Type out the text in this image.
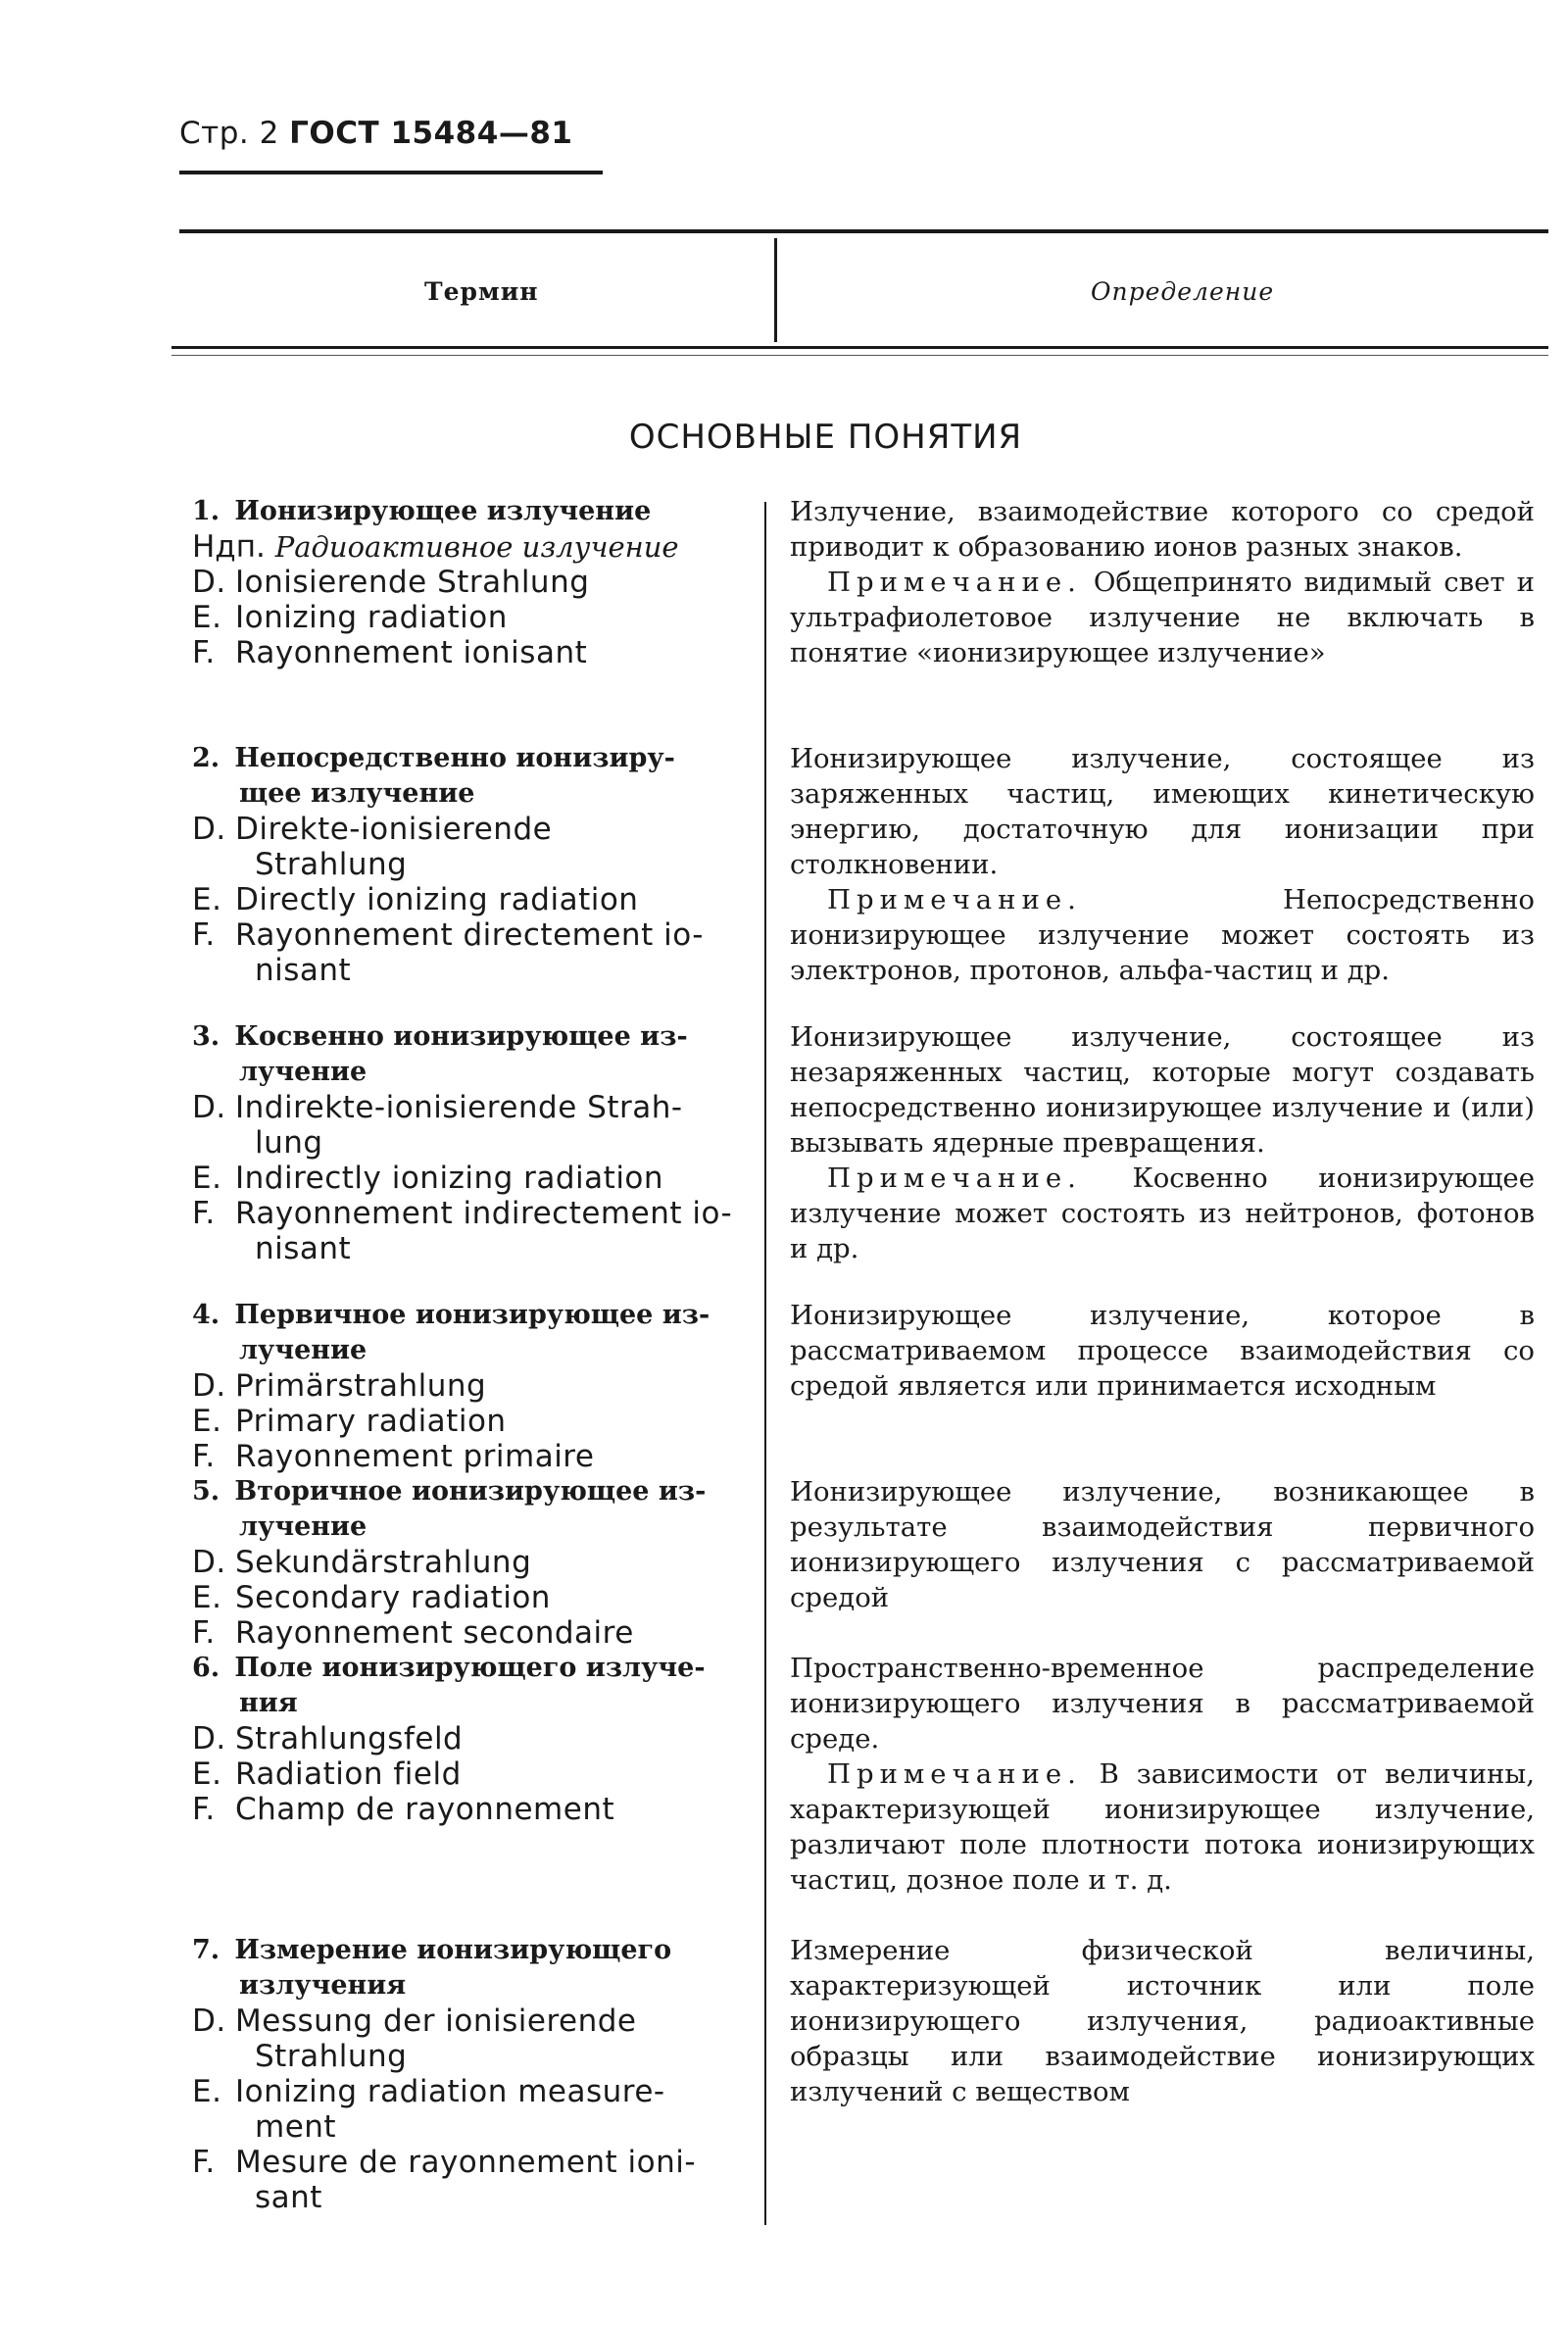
Стр. 2 ГОСТ 15484—81
Термин	Определение
ОСНОВНЫЕ ПОНЯТИЯ
1. Ионизирующее излучение
Ндп. Радиоактивное излучение
D. Ionisierende Strahlung
E. Ionizing radiation
F. Rayonnement ionisant
2. Непосредственно ионизиру-
щее излучение
D. Direkte-ionisierende
Strahlung
E. Directly ionizing radiation
F. Rayonnement directement io-
nisant
3. Косвенно ионизирующее из-
лучение
D. Indirekte-ionisierende Strah-
lung
E. Indirectly ionizing radiation
F. Rayonnement indirectement io-
nisant
4. Первичное ионизирующее из-
лучение
D. Primärstrahlung
E. Primary radiation
F. Rayonnement primaire
5. Вторичное ионизирующее из-
лучение
D. Sekundärstrahlung
E. Secondary radiation
F. Rayonnement secondaire
6. Поле ионизирующего излуче-
ния
D. Strahlungsfeld
E. Radiation field
F. Champ de rayonnement
7. Измерение ионизирующего
излучения
D. Messung der ionisierende
Strahlung
E. Ionizing radiation measure-
ment
F. Mesure de rayonnement ioni-
sant
Излучение, взаимодействие которого со средой приводит к образованию ионов разных знаков.
Примечание. Общепринято видимый свет и ультрафиолетовое излучение не включать в понятие «ионизирующее излучение»
Ионизирующее излучение, состоящее из заряженных частиц, имеющих кинетическую энергию, достаточную для ионизации при столкновении.
Примечание.	Непосредственно ионизирующее излучение может состоять из электронов, протонов, альфа-частиц и др.
Ионизирующее излучение, состоящее из незаряженных частиц, которые могут создавать непосредственно ионизирующее излучение и (или) вызывать ядерные превращения.
Примечание. Косвенно ионизирующее излучение может состоять из нейтронов, фотонов и др.
Ионизирующее излучение, которое в рассматриваемом процессе взаимодействия со средой является или принимается исходным
Ионизирующее излучение, возникающее в результате взаимодействия первичного ионизирующего излучения с рассматриваемой средой
Пространственно-временное распределение ионизирующего излучения в рассматриваемой среде.
Примечание. В зависимости от величины, характеризующей ионизирующее излучение, различают поле плотности потока ионизирующих частиц, дозное поле и т. д.
Измерение физической величины, характеризующей источник или поле ионизирующего излучения, радиоактивные образцы или взаимодействие ионизирующих излучений с веществом
